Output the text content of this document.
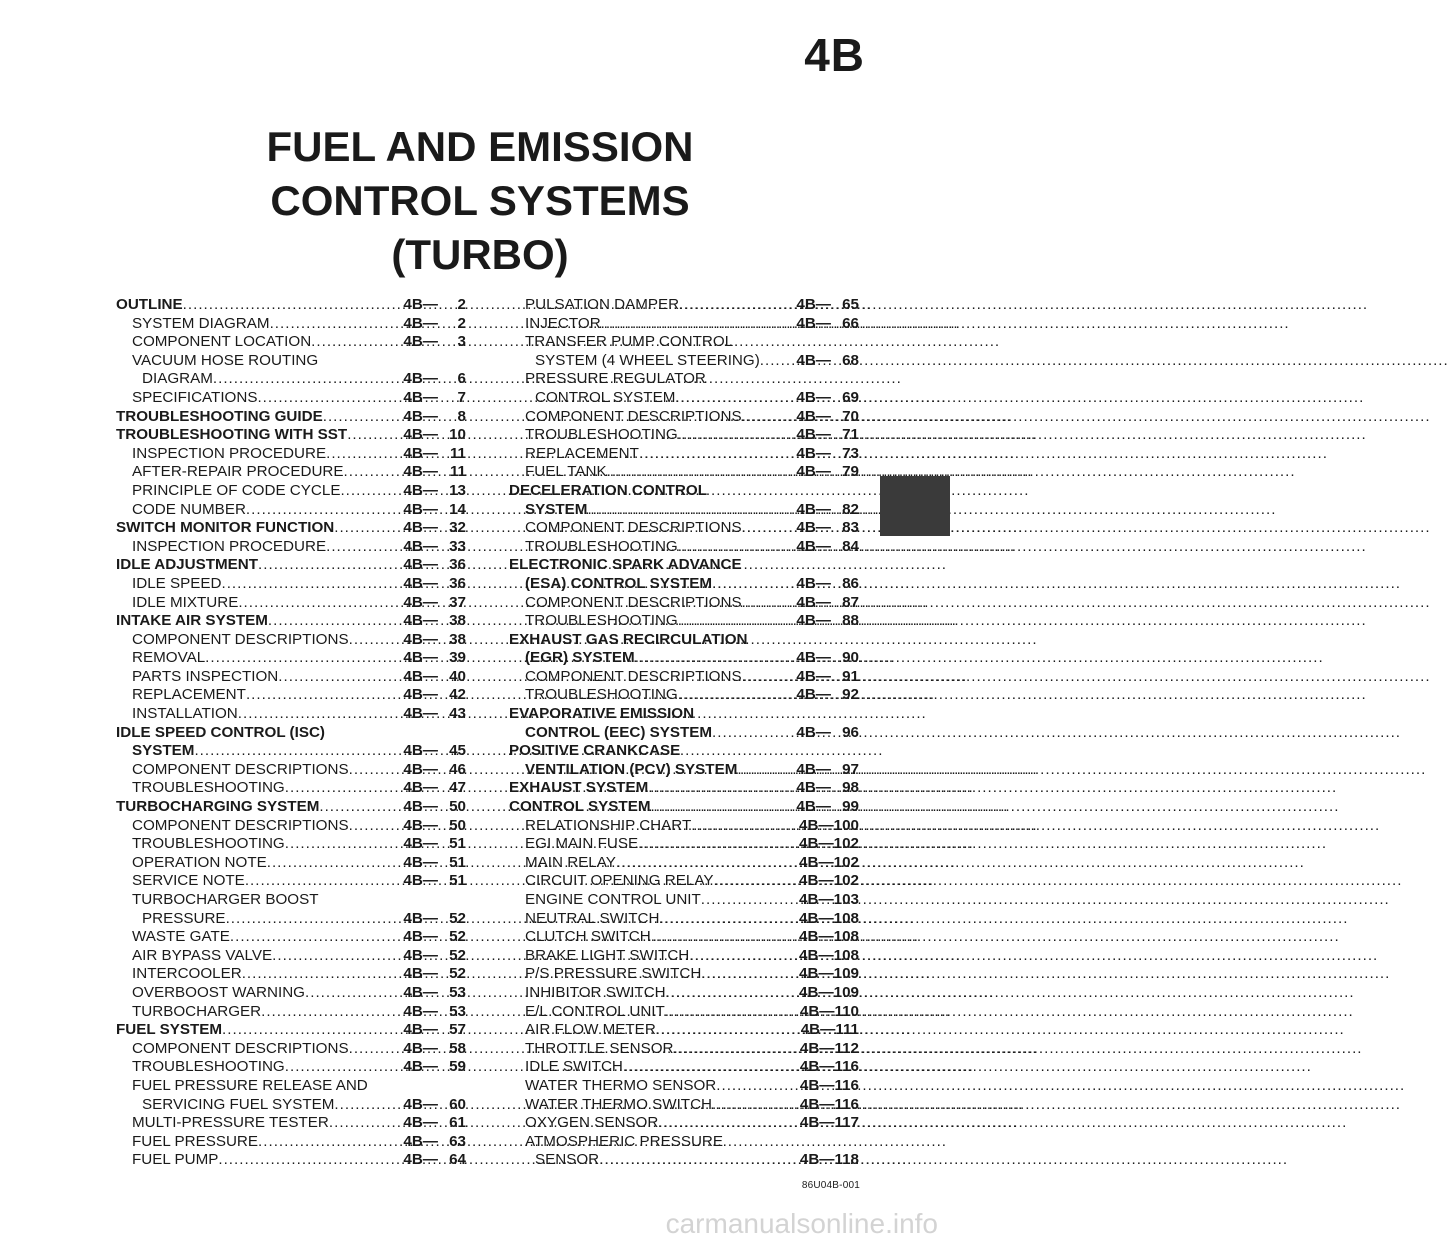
4B
FUEL AND EMISSION
CONTROL SYSTEMS
(TURBO)
OUTLINE .....	4B—	2
SYSTEM DIAGRAM .....	4B—	2
COMPONENT LOCATION .....	4B—	3
VACUUM HOSE ROUTING
DIAGRAM .....	4B—	6
SPECIFICATIONS .....	4B—	7
TROUBLESHOOTING GUIDE .....	4B—	8
TROUBLESHOOTING WITH SST .....	4B— 10
INSPECTION PROCEDURE .....	4B— 11
AFTER-REPAIR PROCEDURE .....	4B— 11
PRINCIPLE OF CODE CYCLE .....	4B— 13
CODE NUMBER .....	4B— 14
SWITCH MONITOR FUNCTION .....	4B— 32
INSPECTION PROCEDURE .....	4B— 33
IDLE ADJUSTMENT .....	4B— 36
IDLE SPEED .....	4B— 36
IDLE MIXTURE .....	4B— 37
INTAKE AIR SYSTEM .....	4B— 38
COMPONENT DESCRIPTIONS .....	4B— 38
REMOVAL .....	4B— 39
PARTS INSPECTION .....	4B— 40
REPLACEMENT .....	4B— 42
INSTALLATION .....	4B— 43
IDLE SPEED CONTROL (ISC)
SYSTEM .....	4B— 45
COMPONENT DESCRIPTIONS .....	4B— 46
TROUBLESHOOTING .....	4B— 47
TURBOCHARGING SYSTEM .....	4B— 50
COMPONENT DESCRIPTIONS .....	4B— 50
TROUBLESHOOTING .....	4B— 51
OPERATION NOTE .....	4B— 51
SERVICE NOTE .....	4B— 51
TURBOCHARGER BOOST
PRESSURE .....	4B— 52
WASTE GATE .....	4B— 52
AIR BYPASS VALVE .....	4B— 52
INTERCOOLER .....	4B— 52
OVERBOOST WARNING .....	4B— 53
TURBOCHARGER .....	4B— 53
FUEL SYSTEM .....	4B— 57
COMPONENT DESCRIPTIONS .....	4B— 58
TROUBLESHOOTING .....	4B— 59
FUEL PRESSURE RELEASE AND
SERVICING FUEL SYSTEM .....	4B— 60
MULTI-PRESSURE TESTER .....	4B— 61
FUEL PRESSURE .....	4B— 63
FUEL PUMP .....	4B— 64
PULSATION DAMPER .....	4B— 65
INJECTOR .....	4B— 66
TRANSFER PUMP CONTROL
SYSTEM (4 WHEEL STEERING) ..... 4B— 68
PRESSURE REGULATOR
CONTROL SYSTEM .....	4B— 69
COMPONENT DESCRIPTIONS .....	4B— 70
TROUBLESHOOTING .....	4B— 71
REPLACEMENT .....	4B— 73
FUEL TANK .....	4B— 79
DECELERATION CONTROL
SYSTEM .....	4B— 82
COMPONENT DESCRIPTIONS .....	4B— 83
TROUBLESHOOTING .....	4B— 84
ELECTRONIC SPARK ADVANCE
(ESA) CONTROL SYSTEM .....	4B— 86
COMPONENT DESCRIPTIONS .....	4B— 87
TROUBLESHOOTING .....	4B— 88
EXHAUST GAS RECIRCULATION
(EGR) SYSTEM .....	4B— 90
COMPONENT DESCRIPTIONS .....	4B— 91
TROUBLESHOOTING .....	4B— 92
EVAPORATIVE EMISSION
CONTROL (EEC) SYSTEM .....	4B— 96
POSITIVE CRANKCASE
VENTILATION (PCV) SYSTEM .....	4B— 97
EXHAUST SYSTEM .....	4B— 98
CONTROL SYSTEM .....	4B— 99
RELATIONSHIP CHART .....	4B—100
EGI MAIN FUSE .....	4B—102
MAIN RELAY .....	4B—102
CIRCUIT OPENING RELAY .....	4B—102
ENGINE CONTROL UNIT .....	4B—103
NEUTRAL SWITCH .....	4B—108
CLUTCH SWITCH .....	4B—108
BRAKE LIGHT SWITCH .....	4B—108
P/S PRESSURE SWITCH .....	4B—109
INHIBITOR SWITCH .....	4B—109
E/L CONTROL UNIT .....	4B—110
AIR FLOW METER .....	4B—111
THROTTLE SENSOR .....	4B—112
IDLE SWITCH .....	4B—116
WATER THERMO SENSOR .....	4B—116
WATER THERMO SWITCH .....	4B—116
OXYGEN SENSOR .....	4B—117
ATMOSPHERIC PRESSURE
SENSOR .....	4B—118
86U04B-001
carmanualsonline.info
